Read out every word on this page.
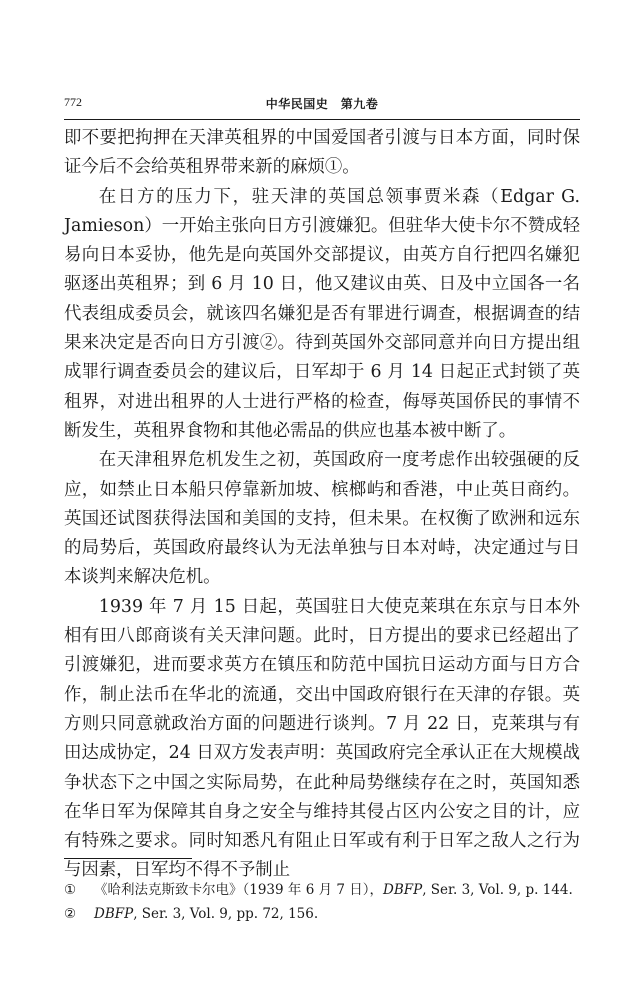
772	中华民国史　第九卷

即不要把拘押在天津英租界的中国爱国者引渡与日本方面，同时保证今后不会给英租界带来新的麻烦①。

在日方的压力下，驻天津的英国总领事贾米森（Edgar G. Jamieson）一开始主张向日方引渡嫌犯。但驻华大使卡尔不赞成轻易向日本妥协，他先是向英国外交部提议，由英方自行把四名嫌犯驱逐出英租界；到 6 月 10 日，他又建议由英、日及中立国各一名代表组成委员会，就该四名嫌犯是否有罪进行调查，根据调查的结果来决定是否向日方引渡②。待到英国外交部同意并向日方提出组成罪行调查委员会的建议后，日军却于 6 月 14 日起正式封锁了英租界，对进出租界的人士进行严格的检查，侮辱英国侨民的事情不断发生，英租界食物和其他必需品的供应也基本被中断了。

在天津租界危机发生之初，英国政府一度考虑作出较强硬的反应，如禁止日本船只停靠新加坡、槟榔屿和香港，中止英日商约。英国还试图获得法国和美国的支持，但未果。在权衡了欧洲和远东的局势后，英国政府最终认为无法单独与日本对峙，决定通过与日本谈判来解决危机。

1939 年 7 月 15 日起，英国驻日大使克莱琪在东京与日本外相有田八郎商谈有关天津问题。此时，日方提出的要求已经超出了引渡嫌犯，进而要求英方在镇压和防范中国抗日运动方面与日方合作，制止法币在华北的流通，交出中国政府银行在天津的存银。英方则只同意就政治方面的问题进行谈判。7 月 22 日，克莱琪与有田达成协定，24 日双方发表声明：英国政府完全承认正在大规模战争状态下之中国之实际局势，在此种局势继续存在之时，英国知悉在华日军为保障其自身之安全与维持其侵占区内公安之目的计，应有特殊之要求。同时知悉凡有阻止日军或有利于日军之敌人之行为与因素，日军均不得不予制止

① 《哈利法克斯致卡尔电》（1939 年 6 月 7 日），DBFP, Ser. 3, Vol. 9, p. 144.
② DBFP, Ser. 3, Vol. 9, pp. 72, 156.
